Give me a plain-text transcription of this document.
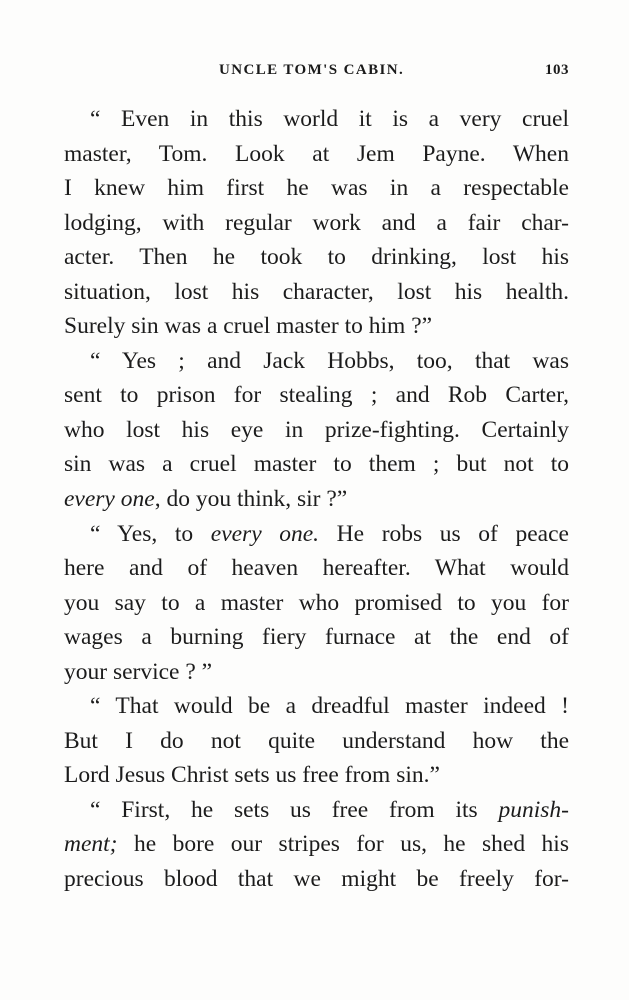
UNCLE TOM'S CABIN.	103
“ Even in this world it is a very cruel
master, Tom. Look at Jem Payne. When
I knew him first he was in a respectable
lodging, with regular work and a fair char-
acter. Then he took to drinking, lost his
situation, lost his character, lost his health.
Surely sin was a cruel master to him ?”
“ Yes ; and Jack Hobbs, too, that was
sent to prison for stealing ; and Rob Carter,
who lost his eye in prize-fighting. Certainly
sin was a cruel master to them ; but not to
every one, do you think, sir ?”
“ Yes, to every one. He robs us of peace
here and of heaven hereafter. What would
you say to a master who promised to you for
wages a burning fiery furnace at the end of
your service ? ”
“ That would be a dreadful master indeed !
But I do not quite understand how the
Lord Jesus Christ sets us free from sin.”
“ First, he sets us free from its punish-
ment; he bore our stripes for us, he shed his
precious blood that we might be freely for-
